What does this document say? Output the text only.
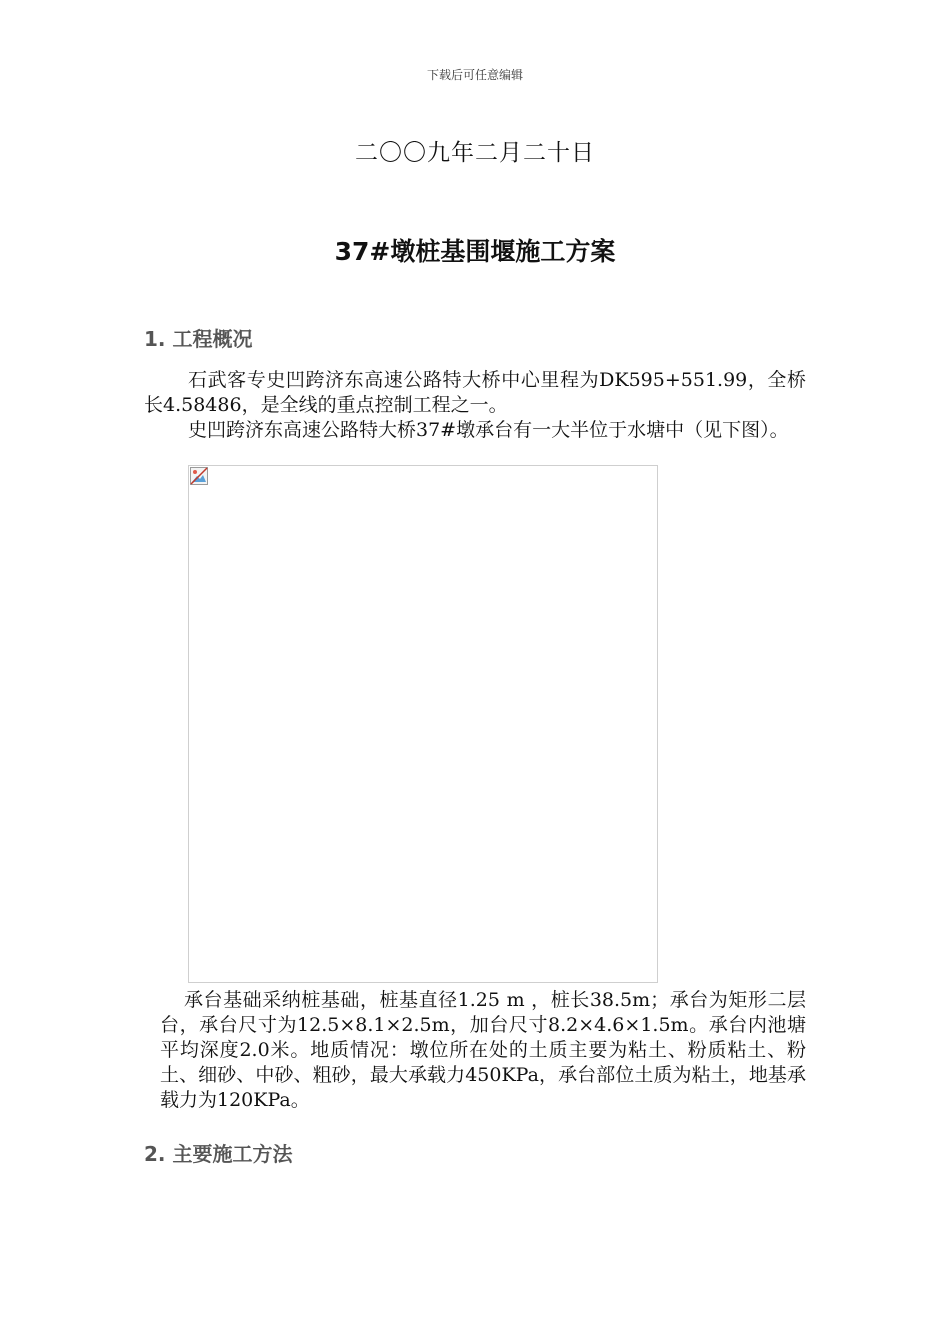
下载后可任意编辑
二〇〇九年二月二十日
37#墩桩基围堰施工方案
1. 工程概况
石武客专史凹跨济东高速公路特大桥中心里程为DK595+551.99，全桥长4.58486，是全线的重点控制工程之一。
史凹跨济东高速公路特大桥37#墩承台有一大半位于水塘中（见下图）。
承台基础采纳桩基础，桩基直径1.25 m ，桩长38.5m；承台为矩形二层台，承台尺寸为12.5×8.1×2.5m，加台尺寸8.2×4.6×1.5m。承台内池塘平均深度2.0米。地质情况：墩位所在处的土质主要为粘土、粉质粘土、粉土、细砂、中砂、粗砂，最大承载力450KPa，承台部位土质为粘土，地基承载力为120KPa。
2. 主要施工方法
